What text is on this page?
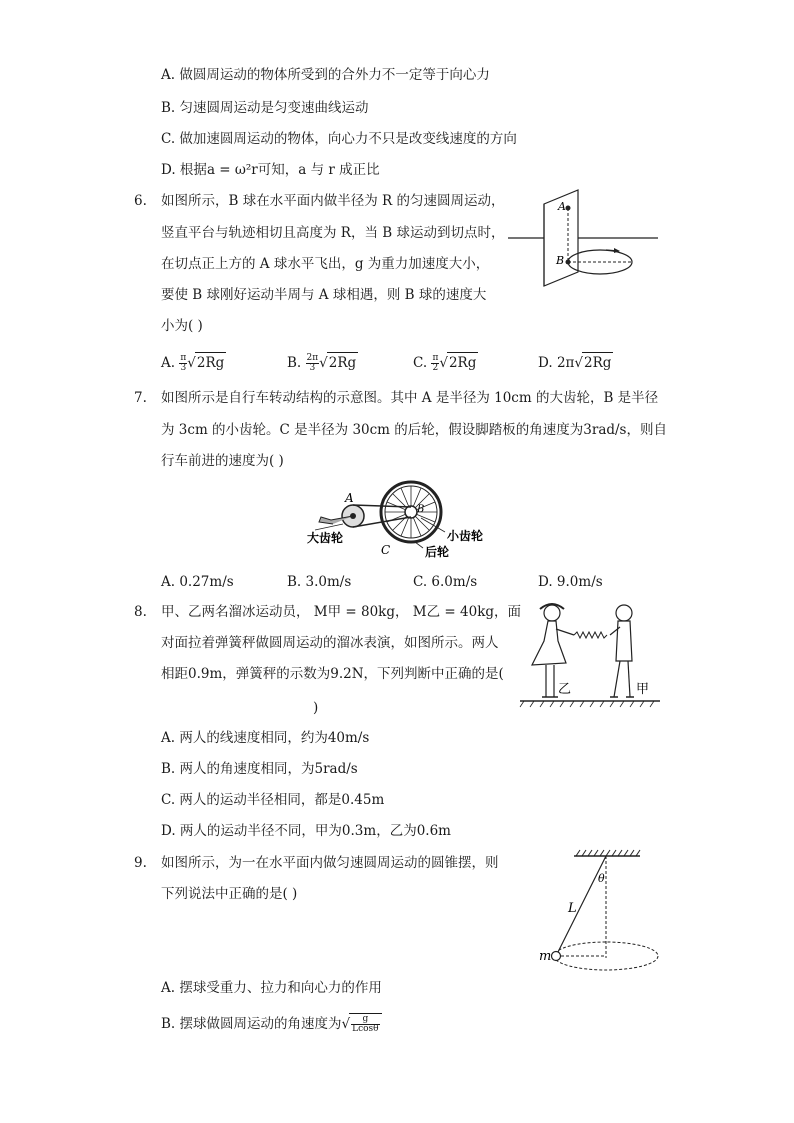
A. 做圆周运动的物体所受到的合外力不一定等于向心力
B. 匀速圆周运动是匀变速曲线运动
C. 做加速圆周运动的物体，向心力不只是改变线速度的方向
D. 根据a = ω²r可知，a 与 r 成正比
6. 如图所示，B 球在水平面内做半径为 R 的匀速圆周运动，
竖直平台与轨迹相切且高度为 R，当 B 球运动到切点时，
在切点正上方的 A 球水平飞出，g 为重力加速度大小，
要使 B 球刚好运动半周与 A 球相遇，则 B 球的速度大
小为( )
A
B
A. $\frac{\pi}{3} √2Rg$	B. $\frac{2\pi}{3} √2Rg$	C. $\frac{\pi}{2} √2Rg$	D. 2π√2Rg
7. 如图所示是自行车转动结构的示意图。其中 A 是半径为 10cm 的大齿轮，B 是半径
为 3cm 的小齿轮。C 是半径为 30cm 的后轮，假设脚踏板的角速度为3rad/s，则自
行车前进的速度为( )
A
B
C
大齿轮	小齿轮
后轮
A. 0.27m/s	B. 3.0m/s	C. 6.0m/s	D. 9.0m/s
8. 甲、乙两名溜冰运动员， M甲 = 80kg， M乙 = 40kg，面
对面拉着弹簧秤做圆周运动的溜冰表演，如图所示。两人
相距0.9m，弹簧秤的示数为9.2N，下列判断中正确的是(
)
乙	甲
A. 两人的线速度相同，约为40m/s
B. 两人的角速度相同，为5rad/s
C. 两人的运动半径相同，都是0.45m
D. 两人的运动半径不同，甲为0.3m，乙为0.6m
9. 如图所示，为一在水平面内做匀速圆周运动的圆锥摆，则
下列说法中正确的是( )
θ
L
m
A. 摆球受重力、拉力和向心力的作用
B. 摆球做圆周运动的角速度为√ $\frac{g}{Lcos\theta}$
